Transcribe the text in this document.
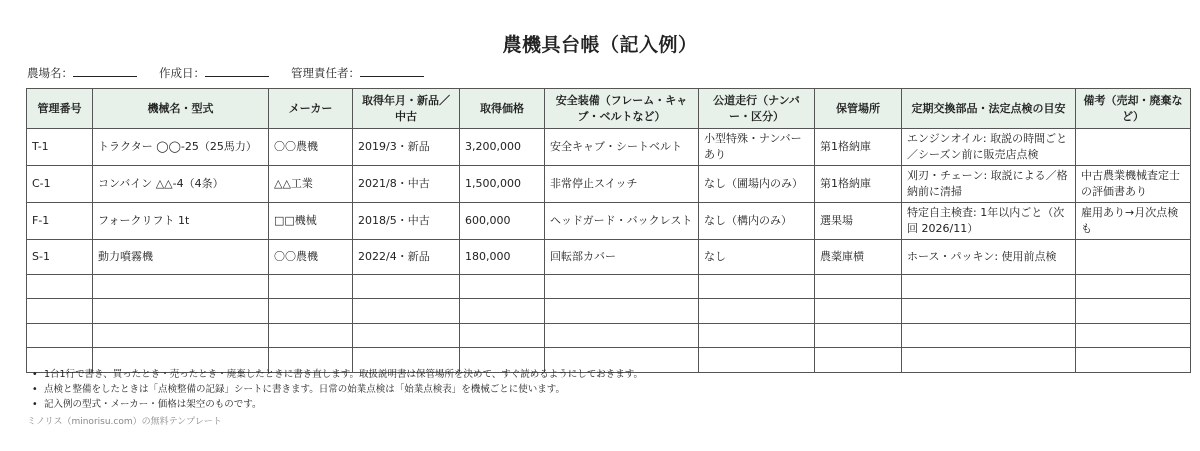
農機具台帳（記入例）
農場名：	作成日：	管理責任者：
管理番号	機械名・型式	メーカー	取得年月・新品／中古	取得価格	安全装備（フレーム・キャブ・ベルトなど）	公道走行（ナンバー・区分）	保管場所	定期交換部品・法定点検の目安	備考（売却・廃棄など）
T-1	トラクター ◯◯-25（25馬力）	〇〇農機	2019/3・新品	3,200,000	安全キャブ・シートベルト	小型特殊・ナンバーあり	第1格納庫	エンジンオイル: 取説の時間ごと／シーズン前に販売店点検	
C-1	コンバイン △△-4（4条）	△△工業	2021/8・中古	1,500,000	非常停止スイッチ	なし（圃場内のみ）	第1格納庫	刈刃・チェーン: 取説による／格納前に清掃	中古農業機械査定士の評価書あり
F-1	フォークリフト 1t	□□機械	2018/5・中古	600,000	ヘッドガード・バックレスト	なし（構内のみ）	選果場	特定自主検査: 1年以内ごと（次回 2026/11）	雇用あり→月次点検も
S-1	動力噴霧機	〇〇農機	2022/4・新品	180,000	回転部カバー	なし	農薬庫横	ホース・パッキン: 使用前点検	

• 1台1行で書き、買ったとき・売ったとき・廃棄したときに書き直します。取扱説明書は保管場所を決めて、すぐ読めるようにしておきます。
• 点検と整備をしたときは「点検整備の記録」シートに書きます。日常の始業点検は「始業点検表」を機械ごとに使います。
• 記入例の型式・メーカー・価格は架空のものです。
ミノリス（minorisu.com）の無料テンプレート
